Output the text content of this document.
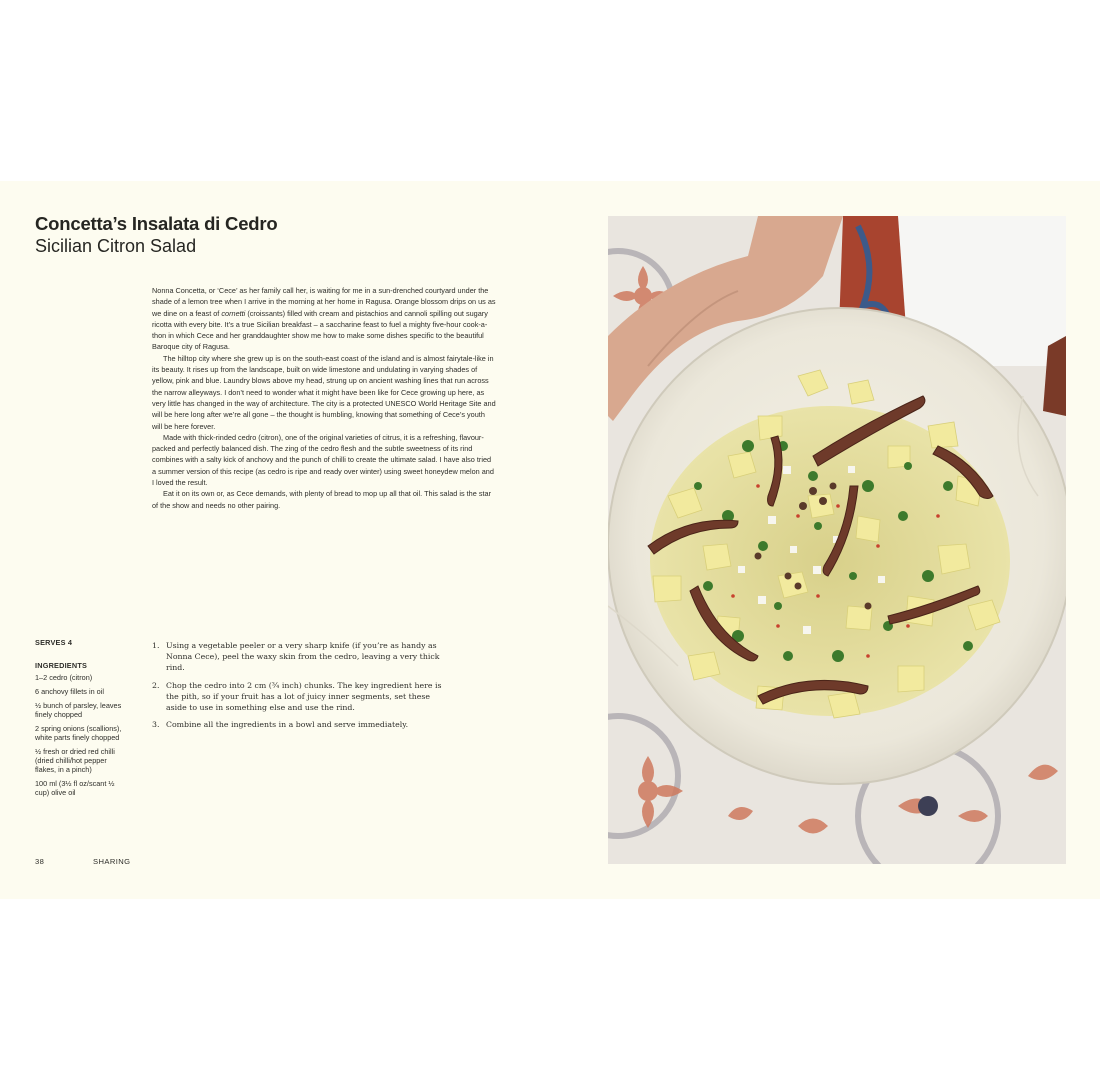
Concetta’s Insalata di Cedro
Sicilian Citron Salad

Nonna Concetta, or ‘Cece’ as her family call her, is waiting for me in a sun-drenched courtyard under the shade of a lemon tree when I arrive in the morning at her home in Ragusa. Orange blossom drips on us as we dine on a feast of cornetti (croissants) filled with cream and pistachios and cannoli spilling out sugary ricotta with every bite. It’s a true Sicilian breakfast – a saccharine feast to fuel a mighty five-hour cook-a-thon in which Cece and her granddaughter show me how to make some dishes specific to the beautiful Baroque city of Ragusa.

The hilltop city where she grew up is on the south-east coast of the island and is almost fairytale-like in its beauty. It rises up from the landscape, built on wide limestone and undulating in varying shades of yellow, pink and blue. Laundry blows above my head, strung up on ancient washing lines that run across the narrow alleyways. I don’t need to wonder what it might have been like for Cece growing up here, as very little has changed in the way of architecture. The city is a protected UNESCO World Heritage Site and will be here long after we’re all gone – the thought is humbling, knowing that something of Cece’s youth will be here forever.

Made with thick-rinded cedro (citron), one of the original varieties of citrus, it is a refreshing, flavour-packed and perfectly balanced dish. The zing of the cedro flesh and the subtle sweetness of its rind combines with a salty kick of anchovy and the punch of chilli to create the ultimate salad. I have also tried a summer version of this recipe (as cedro is ripe and ready over winter) using sweet honeydew melon and I loved the result.

Eat it on its own or, as Cece demands, with plenty of bread to mop up all that oil. This salad is the star of the show and needs no other pairing.

SERVES 4

INGREDIENTS

1–2 cedro (citron)
6 anchovy fillets in oil
½ bunch of parsley, leaves finely chopped
2 spring onions (scallions), white parts finely chopped
½ fresh or dried red chilli (dried chilli/hot pepper flakes, in a pinch)
100 ml (3½ fl oz/scant ½ cup) olive oil
1. Using a vegetable peeler or a very sharp knife (if you’re as handy as Nonna Cece), peel the waxy skin from the cedro, leaving a very thick rind.
2. Chop the cedro into 2 cm (¾ inch) chunks. The key ingredient here is the pith, so if your fruit has a lot of juicy inner segments, set these aside to use in something else and use the rind.
3. Combine all the ingredients in a bowl and serve immediately.
38	SHARING
